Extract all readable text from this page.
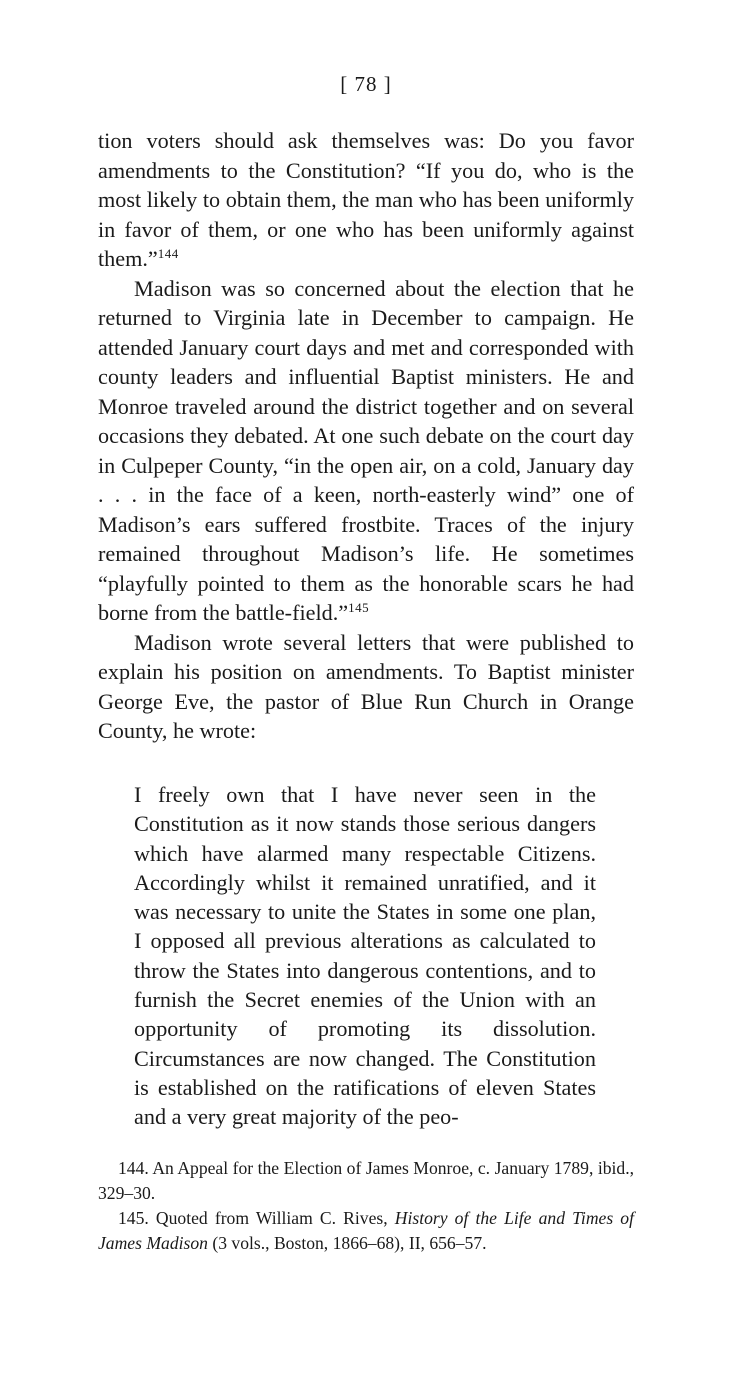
[ 78 ]

tion voters should ask themselves was: Do you favor amendments to the Constitution? “If you do, who is the most likely to obtain them, the man who has been uniformly in favor of them, or one who has been uniformly against them.”$^{144}$

Madison was so concerned about the election that he returned to Virginia late in December to campaign. He attended January court days and met and corresponded with county leaders and influential Baptist ministers. He and Monroe traveled around the district together and on several occasions they debated. At one such debate on the court day in Culpeper County, “in the open air, on a cold, January day . . . in the face of a keen, north-easterly wind” one of Madison’s ears suffered frostbite. Traces of the injury remained throughout Madison’s life. He sometimes “playfully pointed to them as the honorable scars he had borne from the battle-field.”$^{145}$

Madison wrote several letters that were published to explain his position on amendments. To Baptist minister George Eve, the pastor of Blue Run Church in Orange County, he wrote:

I freely own that I have never seen in the Constitution as it now stands those serious dangers which have alarmed many respectable Citizens. Accordingly whilst it remained unratified, and it was necessary to unite the States in some one plan, I opposed all previous alterations as calculated to throw the States into dangerous contentions, and to furnish the Secret enemies of the Union with an opportunity of promoting its dissolution. Circumstances are now changed. The Constitution is established on the ratifications of eleven States and a very great majority of the peo-

144. An Appeal for the Election of James Monroe, c. January 1789, ibid., 329–30.

145. Quoted from William C. Rives, History of the Life and Times of James Madison (3 vols., Boston, 1866–68), II, 656–57.
